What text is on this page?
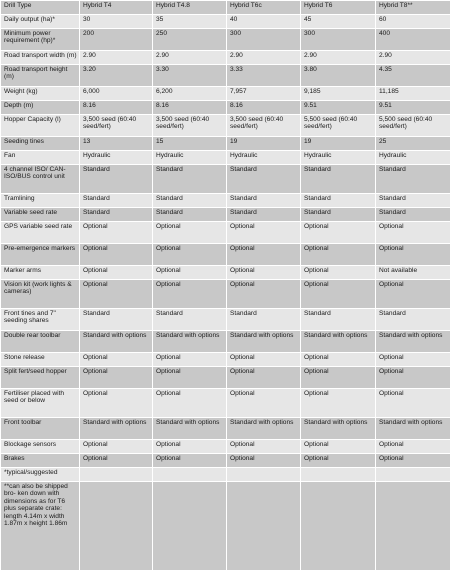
Drill Type	Hybrid T4	Hybrid T4.8	Hybrid T6c	Hybrid T6	Hybrid T8**
Daily output (ha)*	30	35	40	45	60
Minimum power requirement (hp)*	200	250	300	300	400
Road transport width (m)	2.90	2.90	2.90	2.90	2.90
Road transport height (m)	3.20	3.30	3.33	3.80	4.35
Weight (kg)	6,000	6,200	7,957	9,185	11,185
Depth (m)	8.16	8.16	8.16	9.51	9.51
Hopper Capacity (l)	3,500 seed (60:40 seed/fert)	3,500 seed (60:40 seed/fert)	3,500 seed (60:40 seed/fert)	5,500 seed (60:40 seed/fert)	5,500 seed (60:40 seed/fert)
Seeding tines	13	15	19	19	25
Fan	Hydraulic	Hydraulic	Hydraulic	Hydraulic	Hydraulic
4 channel ISO/ CAN-ISO/BUS control unit	Standard	Standard	Standard	Standard	Standard
Tramlining	Standard	Standard	Standard	Standard	Standard
Variable seed rate	Standard	Standard	Standard	Standard	Standard
GPS variable seed rate	Optional	Optional	Optional	Optional	Optional
Pre-emergence markers	Optional	Optional	Optional	Optional	Optional
Marker arms	Optional	Optional	Optional	Optional	Not available
Vision kit (work lights & cameras)	Optional	Optional	Optional	Optional	Optional
Front tines and 7" seeding shares	Standard	Standard	Standard	Standard	Standard
Double rear toolbar	Standard with options	Standard with options	Standard with options	Standard with options	Standard with options
Stone release	Optional	Optional	Optional	Optional	Optional
Split fert/seed hopper	Optional	Optional	Optional	Optional	Optional
Fertiliser placed with seed or below	Optional	Optional	Optional	Optional	Optional
Front toolbar	Standard with options	Standard with options	Standard with options	Standard with options	Standard with options
Blockage sensors	Optional	Optional	Optional	Optional	Optional
Brakes	Optional	Optional	Optional	Optional	Optional
*typical/suggested					
**can also be shipped bro- ken down with dimensions as for T6 plus separate crate: length 4.14m x width 1.87m x height 1.86m					
